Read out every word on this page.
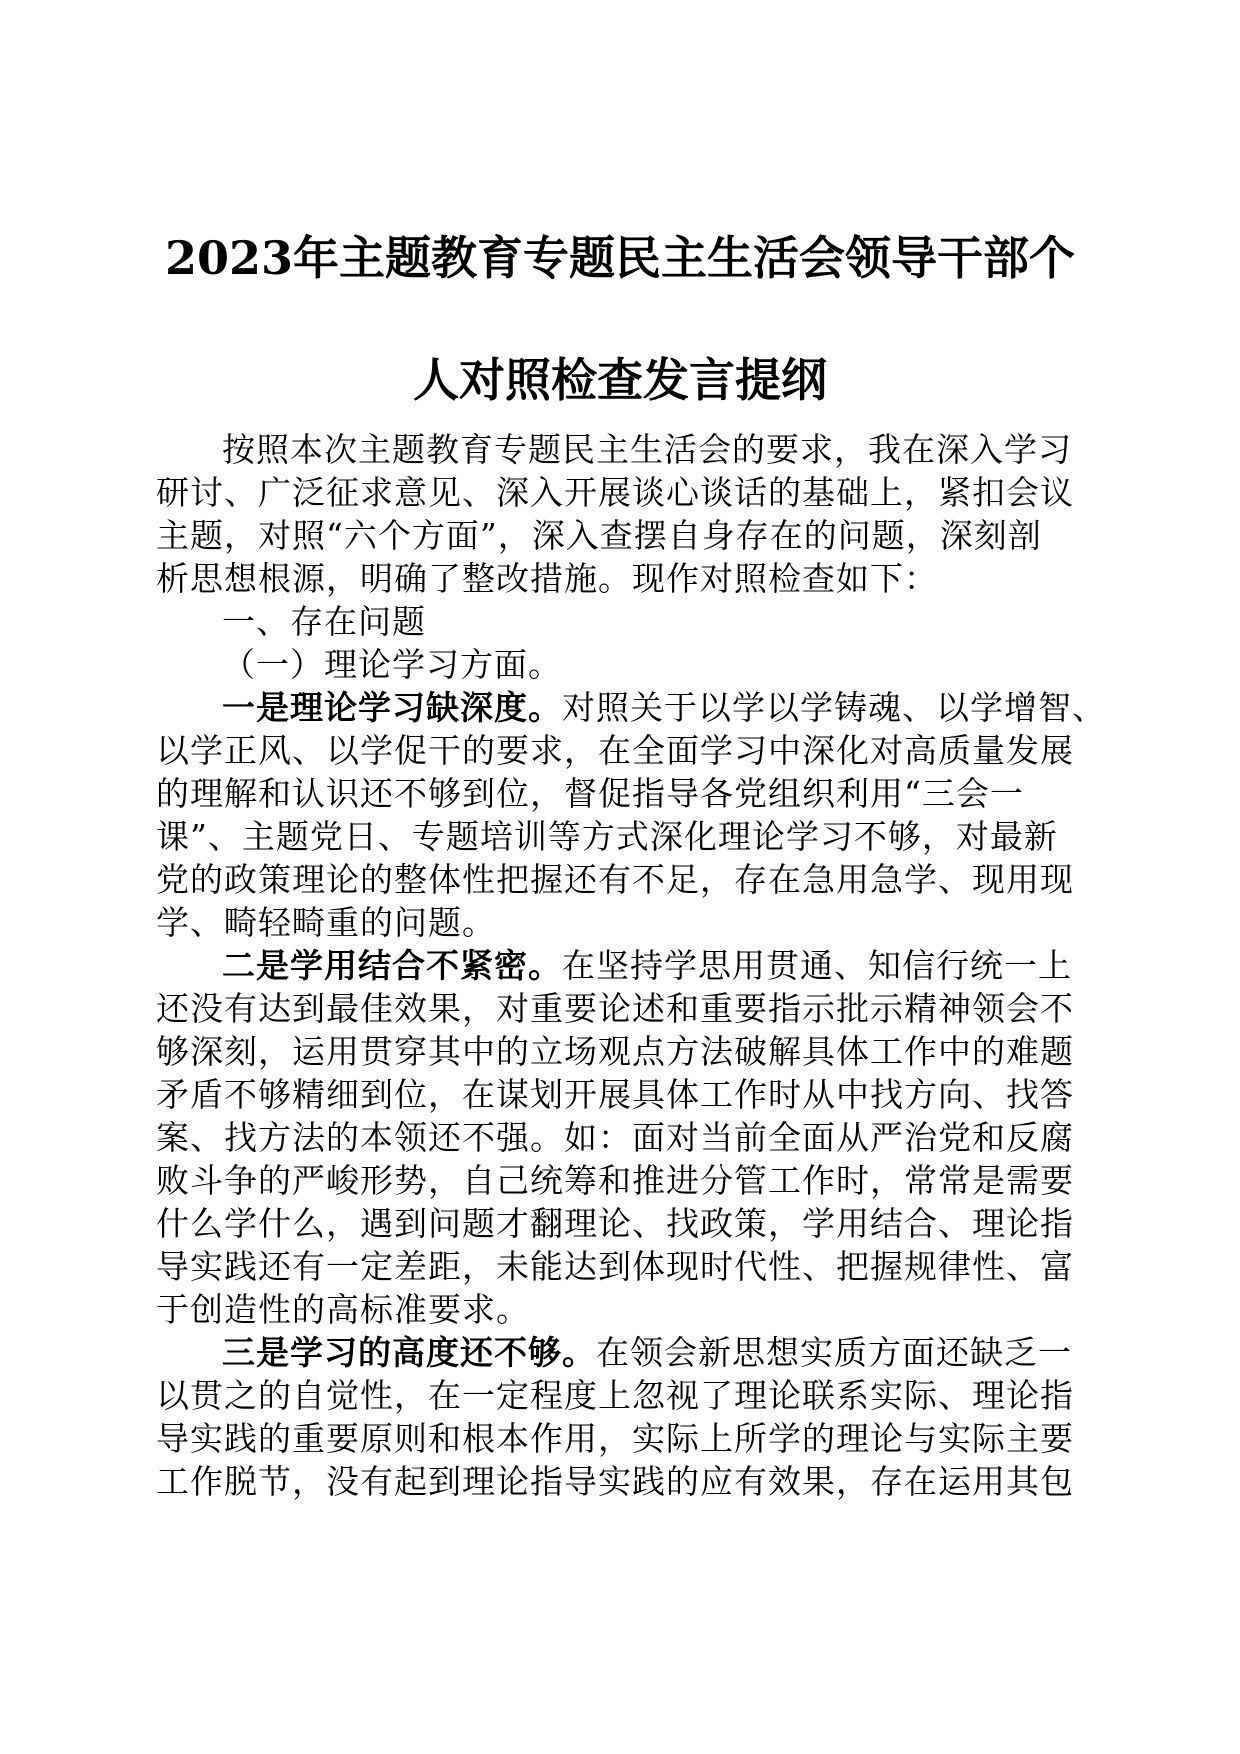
2023年主题教育专题民主生活会领导干部个
人对照检查发言提纲
按照本次主题教育专题民主生活会的要求，我在深入学习
研讨、广泛征求意见、深入开展谈心谈话的基础上，紧扣会议
主题，对照“六个方面”，深入查摆自身存在的问题，深刻剖
析思想根源，明确了整改措施。现作对照检查如下：
一、存在问题
（一）理论学习方面。
一是理论学习缺深度。对照关于以学以学铸魂、以学增智、
以学正风、以学促干的要求，在全面学习中深化对高质量发展
的理解和认识还不够到位，督促指导各党组织利用“三会一
课”、主题党日、专题培训等方式深化理论学习不够，对最新
党的政策理论的整体性把握还有不足，存在急用急学、现用现
学、畸轻畸重的问题。
二是学用结合不紧密。在坚持学思用贯通、知信行统一上
还没有达到最佳效果，对重要论述和重要指示批示精神领会不
够深刻，运用贯穿其中的立场观点方法破解具体工作中的难题
矛盾不够精细到位，在谋划开展具体工作时从中找方向、找答
案、找方法的本领还不强。如：面对当前全面从严治党和反腐
败斗争的严峻形势，自己统筹和推进分管工作时，常常是需要
什么学什么，遇到问题才翻理论、找政策，学用结合、理论指
导实践还有一定差距，未能达到体现时代性、把握规律性、富
于创造性的高标准要求。
三是学习的高度还不够。在领会新思想实质方面还缺乏一
以贯之的自觉性，在一定程度上忽视了理论联系实际、理论指
导实践的重要原则和根本作用，实际上所学的理论与实际主要
工作脱节，没有起到理论指导实践的应有效果，存在运用其包
